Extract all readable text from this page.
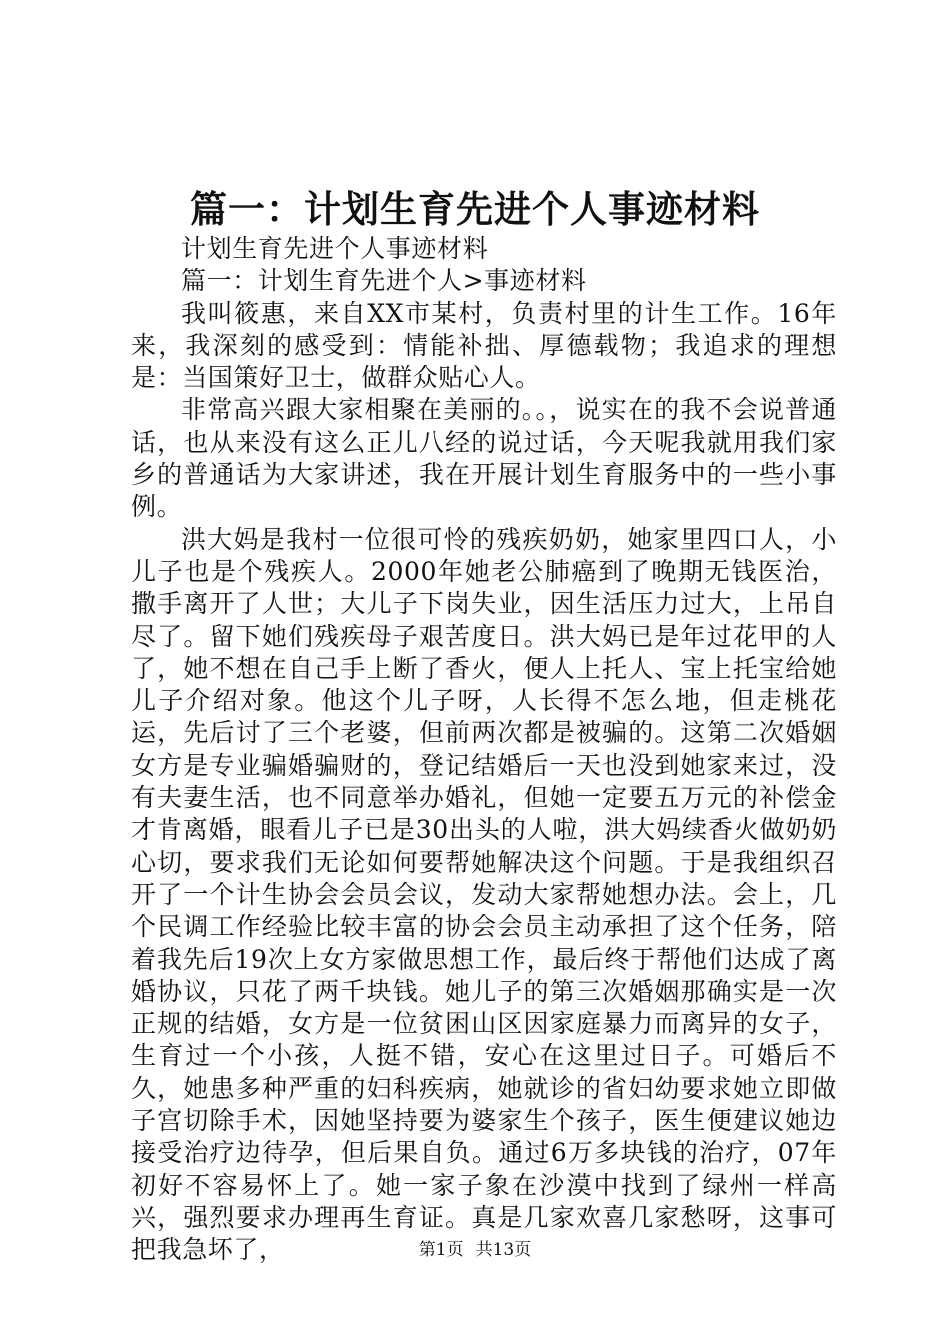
篇一：计划生育先进个人事迹材料

计划生育先进个人事迹材料

篇一：计划生育先进个人>事迹材料

我叫筱惠，来自XX市某村，负责村里的计生工作。16年来，我深刻的感受到：情能补拙、厚德载物；我追求的理想是：当国策好卫士，做群众贴心人。

非常高兴跟大家相聚在美丽的。。，说实在的我不会说普通话，也从来没有这么正儿八经的说过话，今天呢我就用我们家乡的普通话为大家讲述，我在开展计划生育服务中的一些小事例。

洪大妈是我村一位很可怜的残疾奶奶，她家里四口人，小儿子也是个残疾人。2000年她老公肺癌到了晚期无钱医治，撒手离开了人世；大儿子下岗失业，因生活压力过大，上吊自尽了。留下她们残疾母子艰苦度日。洪大妈已是年过花甲的人了，她不想在自己手上断了香火，便人上托人、宝上托宝给她儿子介绍对象。他这个儿子呀，人长得不怎么地，但走桃花运，先后讨了三个老婆，但前两次都是被骗的。这第二次婚姻女方是专业骗婚骗财的，登记结婚后一天也没到她家来过，没有夫妻生活，也不同意举办婚礼，但她一定要五万元的补偿金才肯离婚，眼看儿子已是30出头的人啦，洪大妈续香火做奶奶心切，要求我们无论如何要帮她解决这个问题。于是我组织召开了一个计生协会会员会议，发动大家帮她想办法。会上，几个民调工作经验比较丰富的协会会员主动承担了这个任务，陪着我先后19次上女方家做思想工作，最后终于帮他们达成了离婚协议，只花了两千块钱。她儿子的第三次婚姻那确实是一次正规的结婚，女方是一位贫困山区因家庭暴力而离异的女子，生育过一个小孩，人挺不错，安心在这里过日子。可婚后不久，她患多种严重的妇科疾病，她就诊的省妇幼要求她立即做子宫切除手术，因她坚持要为婆家生个孩子，医生便建议她边接受治疗边待孕，但后果自负。通过6万多块钱的治疗，07年初好不容易怀上了。她一家子象在沙漠中找到了绿州一样高兴，强烈要求办理再生育证。真是几家欢喜几家愁呀，这事可把我急坏了，	第1页 共13页
